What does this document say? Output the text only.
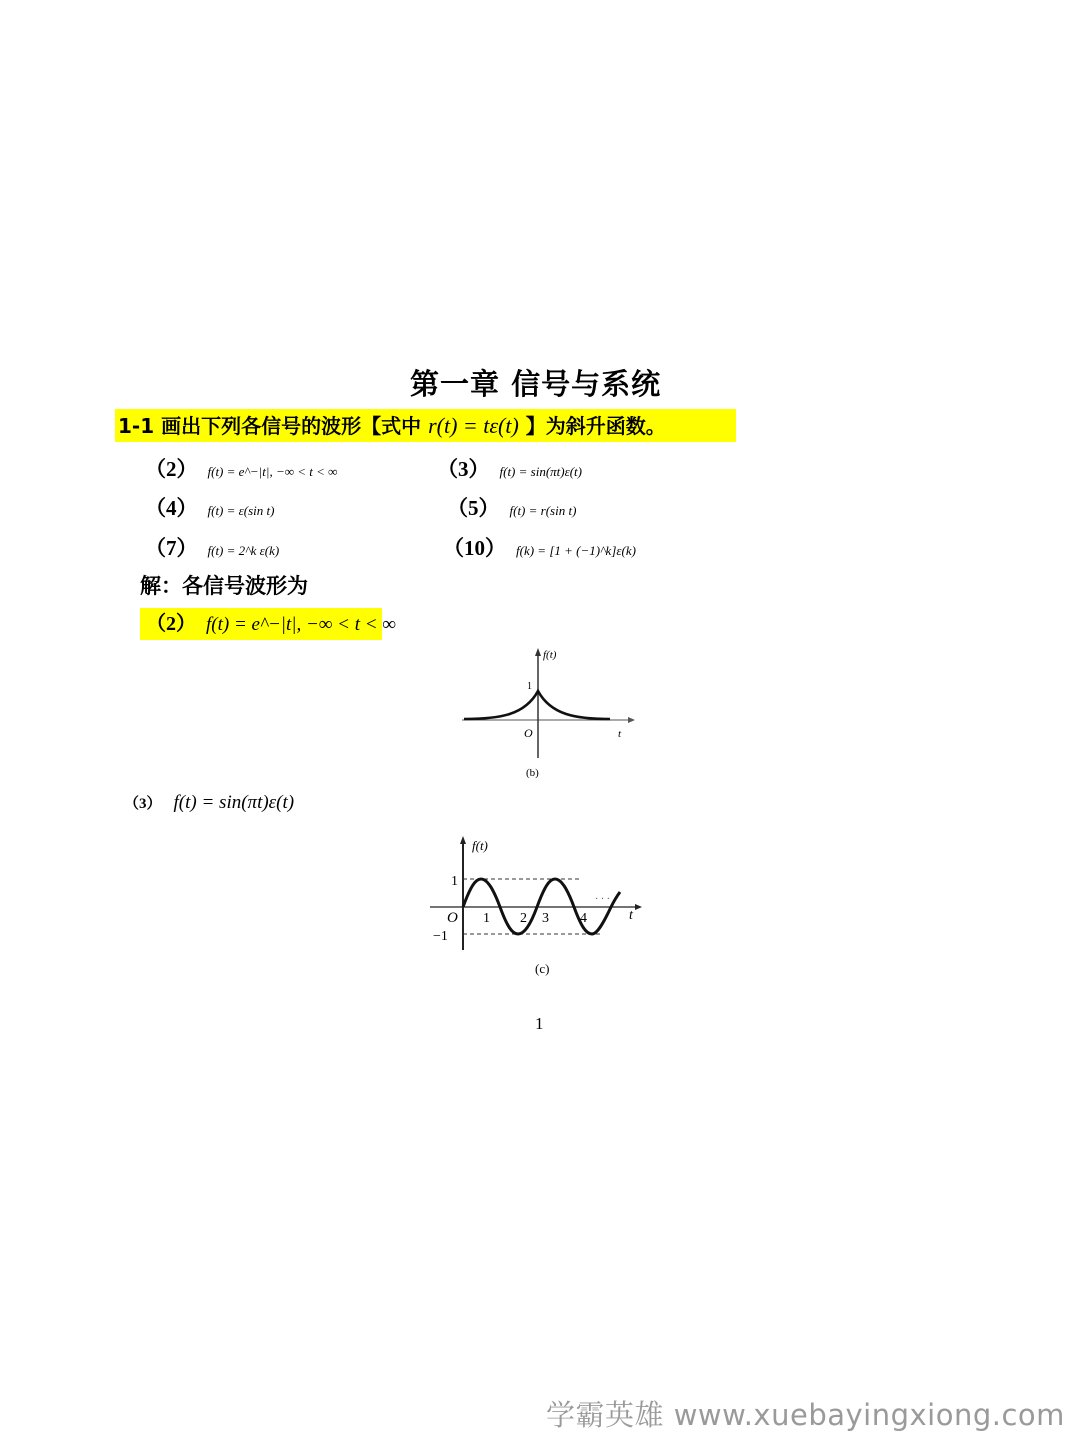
第一章 信号与系统
1-1 画出下列各信号的波形【式中 r(t) = tε(t) 】为斜升函数。
（2） f(t) = e^−|t|, −∞ < t < ∞	（3） f(t) = sin(πt)ε(t)
（4） f(t) = ε(sin t)	（5） f(t) = r(sin t)
（7） f(t) = 2^k ε(k)	（10） f(k) = [1 + (−1)^k]ε(k)
解：各信号波形为
（2） f(t) = e^−|t|, −∞ < t < ∞
f(t)
1
O	t
(b)
（3） f(t) = sin(πt)ε(t)
f(t)
1
−1
O 1 2 3 4
· · ·
t
(c)
1
学霸英雄 www.xuebayingxiong.com
